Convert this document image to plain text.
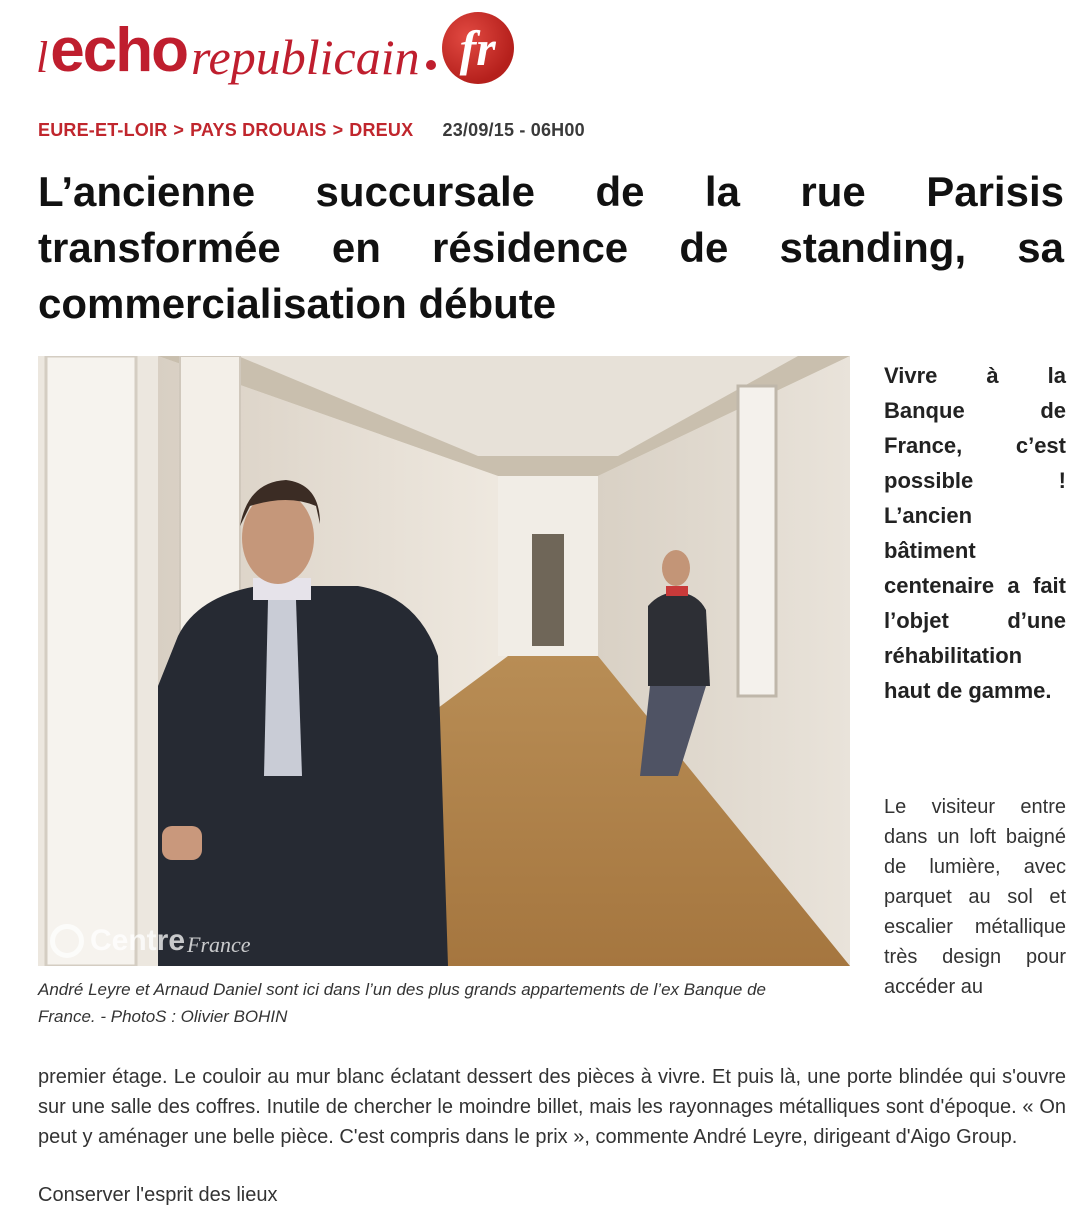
l echo republicain fr
EURE-ET-LOIR > PAYS DROUAIS > DREUX 23/09/15 - 06H00
L’ancienne succursale de la rue Parisis transformée en résidence de standing, sa commercialisation débute
Centre France

André Leyre et Arnaud Daniel sont ici dans l’un des plus grands appartements de l’ex Banque de France. - PhotoS : Olivier BOHIN

Vivre à la Banque de France, c’est possible ! L’ancien bâtiment centenaire a fait l’objet d’une réhabilitation haut de gamme.

Le visiteur entre dans un loft baigné de lumière, avec parquet au sol et escalier métallique très design pour accéder au

premier étage. Le couloir au mur blanc éclatant dessert des pièces à vivre. Et puis là, une porte blindée qui s'ouvre sur une salle des coffres. Inutile de chercher le moindre billet, mais les rayonnages métalliques sont d'époque. « On peut y aménager une belle pièce. C'est compris dans le prix », commente André Leyre, dirigeant d'Aigo Group.

Conserver l'esprit des lieux
